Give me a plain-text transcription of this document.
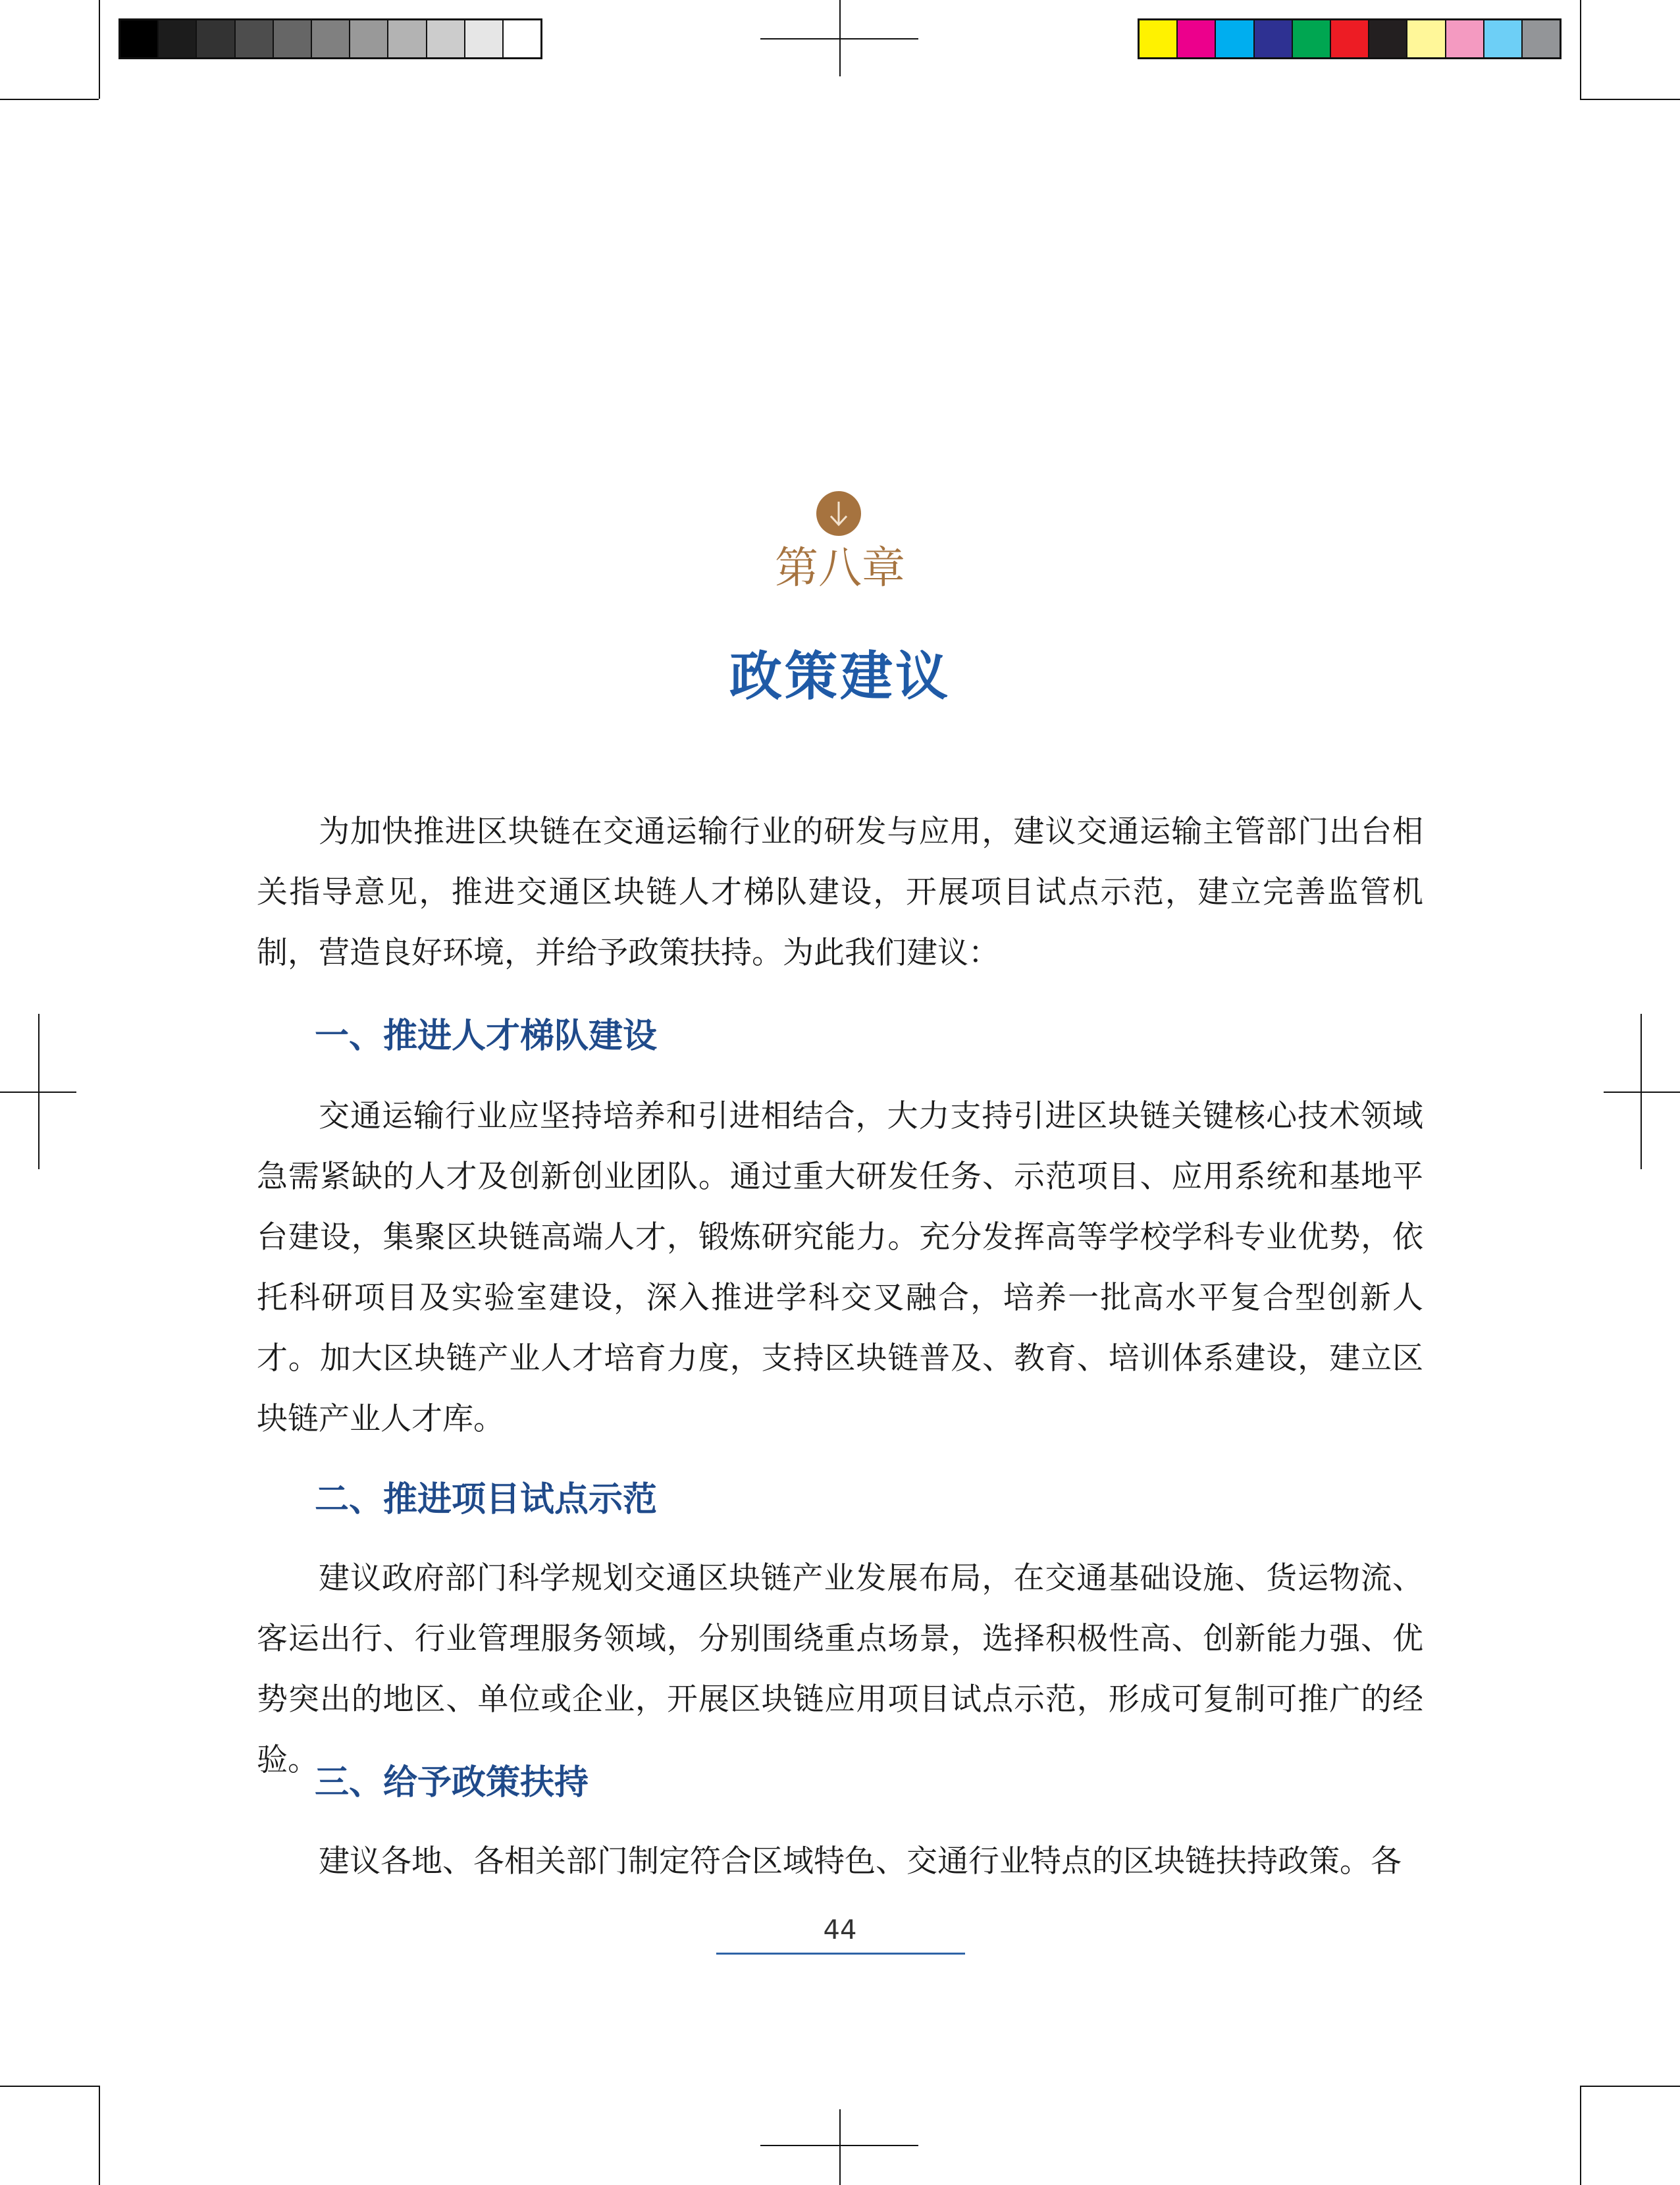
第八章
政策建议

为加快推进区块链在交通运输行业的研发与应用，建议交通运输主管部门出台相关指导意见，推进交通区块链人才梯队建设，开展项目试点示范，建立完善监管机制，营造良好环境，并给予政策扶持。为此我们建议：

一、推进人才梯队建设

交通运输行业应坚持培养和引进相结合，大力支持引进区块链关键核心技术领域急需紧缺的人才及创新创业团队。通过重大研发任务、示范项目、应用系统和基地平台建设，集聚区块链高端人才，锻炼研究能力。充分发挥高等学校学科专业优势，依托科研项目及实验室建设，深入推进学科交叉融合，培养一批高水平复合型创新人才。加大区块链产业人才培育力度，支持区块链普及、教育、培训体系建设，建立区块链产业人才库。

二、推进项目试点示范

建议政府部门科学规划交通区块链产业发展布局，在交通基础设施、货运物流、客运出行、行业管理服务领域，分别围绕重点场景，选择积极性高、创新能力强、优势突出的地区、单位或企业，开展区块链应用项目试点示范，形成可复制可推广的经验。

三、给予政策扶持

建议各地、各相关部门制定符合区域特色、交通行业特点的区块链扶持政策。各

44
